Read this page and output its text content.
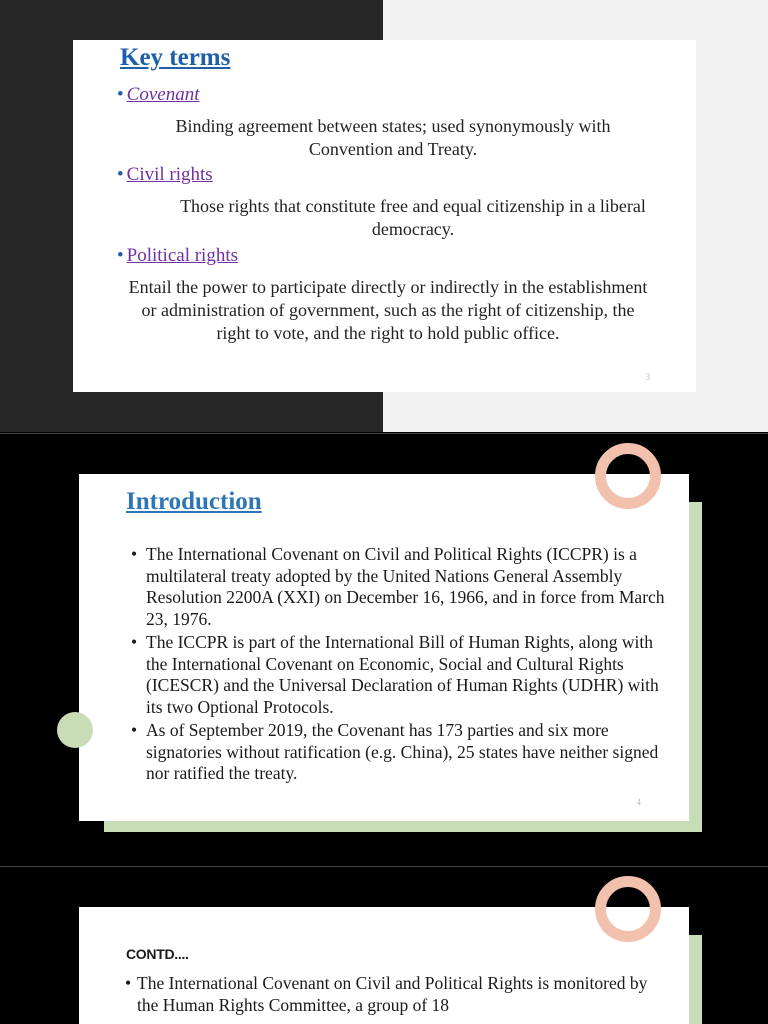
Key terms
• Covenant

Binding agreement between states; used synonymously with Convention and Treaty.

• Civil rights

Those rights that constitute free and equal citizenship in a liberal democracy.

• Political rights

Entail the power to participate directly or indirectly in the establishment or administration of government, such as the right of citizenship, the right to vote, and the right to hold public office.

3
Introduction
• The International Covenant on Civil and Political Rights (ICCPR) is a multilateral treaty adopted by the United Nations General Assembly Resolution 2200A (XXI) on December 16, 1966, and in force from March 23, 1976.
• The ICCPR is part of the International Bill of Human Rights, along with the International Covenant on Economic, Social and Cultural Rights (ICESCR) and the Universal Declaration of Human Rights (UDHR) with its two Optional Protocols.
• As of September 2019, the Covenant has 173 parties and six more signatories without ratification (e.g. China), 25 states have neither signed nor ratified the treaty.
4
CONTD....
• The International Covenant on Civil and Political Rights is monitored by the Human Rights Committee, a group of 18
